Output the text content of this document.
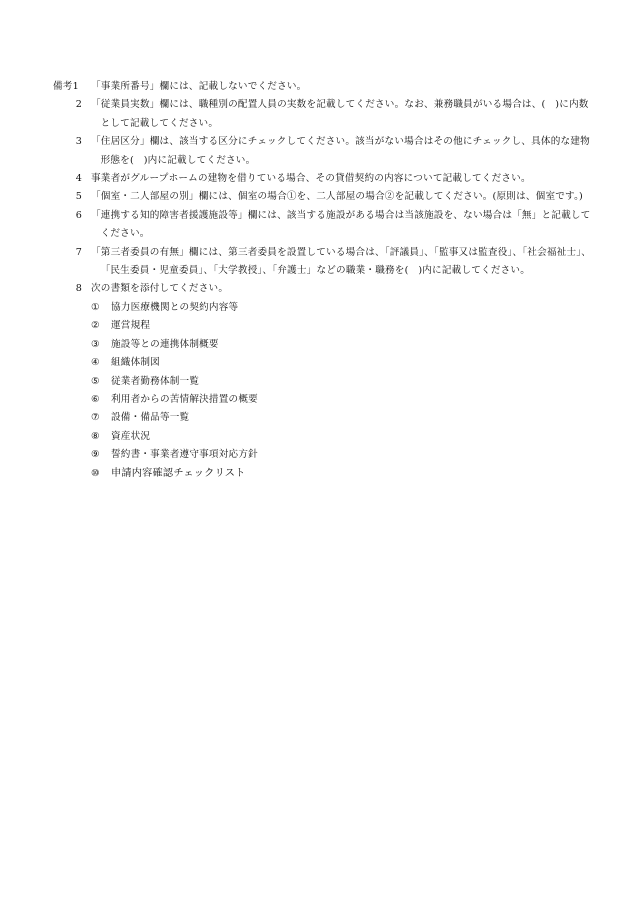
備考1	「事業所番号」欄には、記載しないでください。
2 「従業員実数」欄には、職種別の配置人員の実数を記載してください。なお、兼務職員がいる場合は、(　)に内数として記載してください。
3 「住居区分」欄は、該当する区分にチェックしてください。該当がない場合はその他にチェックし、具体的な建物形態を(　)内に記載してください。
4 事業者がグループホームの建物を借りている場合、その貸借契約の内容について記載してください。
5 「個室・二人部屋の別」欄には、個室の場合①を、二人部屋の場合②を記載してください。(原則は、個室です。)
6 「連携する知的障害者援護施設等」欄には、該当する施設がある場合は当該施設を、ない場合は「無」と記載してください。
7 「第三者委員の有無」欄には、第三者委員を設置している場合は、「評議員」、「監事又は監査役」、「社会福祉士」、「民生委員・児童委員」、「大学教授」、「弁護士」などの職業・職務を(　)内に記載してください。
8 次の書類を添付してください。
①	協力医療機関との契約内容等
②	運営規程
③	施設等との連携体制概要
④	組織体制図
⑤	従業者勤務体制一覧
⑥	利用者からの苦情解決措置の概要
⑦	設備・備品等一覧
⑧	資産状況
⑨	誓約書・事業者遵守事項対応方針
⑩	申請内容確認チェックリスト
